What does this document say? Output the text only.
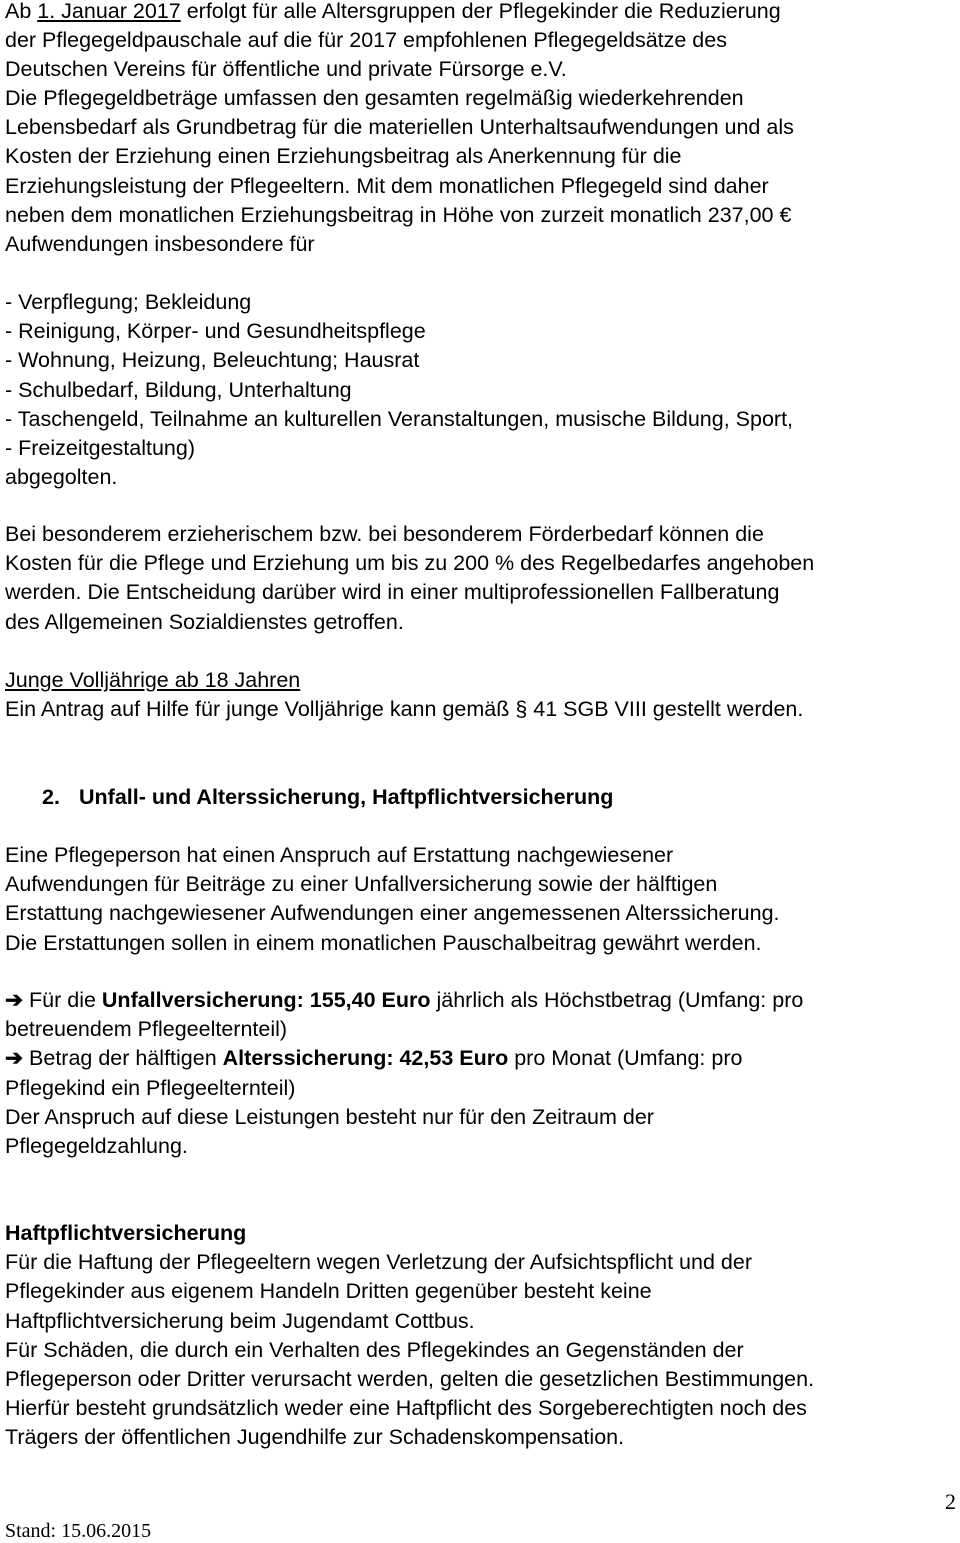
Ab 1. Januar 2017 erfolgt für alle Altersgruppen der Pflegekinder die Reduzierung
der Pflegegeldpauschale auf die für 2017 empfohlenen Pflegegeldsätze des
Deutschen Vereins für öffentliche und private Fürsorge e.V.
Die Pflegegeldbeträge umfassen den gesamten regelmäßig wiederkehrenden
Lebensbedarf als Grundbetrag für die materiellen Unterhaltsaufwendungen und als
Kosten der Erziehung einen Erziehungsbeitrag als Anerkennung für die
Erziehungsleistung der Pflegeeltern. Mit dem monatlichen Pflegegeld sind daher
neben dem monatlichen Erziehungsbeitrag in Höhe von zurzeit monatlich 237,00 €
Aufwendungen insbesondere für
- Verpflegung; Bekleidung
- Reinigung, Körper- und Gesundheitspflege
- Wohnung, Heizung, Beleuchtung; Hausrat
- Schulbedarf, Bildung, Unterhaltung
- Taschengeld, Teilnahme an kulturellen Veranstaltungen, musische Bildung, Sport,
- Freizeitgestaltung)
abgegolten.
Bei besonderem erzieherischem bzw. bei besonderem Förderbedarf können die
Kosten für die Pflege und Erziehung um bis zu 200 % des Regelbedarfes angehoben
werden. Die Entscheidung darüber wird in einer multiprofessionellen Fallberatung
des Allgemeinen Sozialdienstes getroffen.
Junge Volljährige ab 18 Jahren
Ein Antrag auf Hilfe für junge Volljährige kann gemäß § 41 SGB VIII gestellt werden.
2. Unfall- und Alterssicherung, Haftpflichtversicherung
Eine Pflegeperson hat einen Anspruch auf Erstattung nachgewiesener
Aufwendungen für Beiträge zu einer Unfallversicherung sowie der hälftigen
Erstattung nachgewiesener Aufwendungen einer angemessenen Alterssicherung.
Die Erstattungen sollen in einem monatlichen Pauschalbeitrag gewährt werden.
➔ Für die Unfallversicherung: 155,40 Euro jährlich als Höchstbetrag (Umfang: pro
betreuendem Pflegeelternteil)
➔ Betrag der hälftigen Alterssicherung: 42,53 Euro pro Monat (Umfang: pro
Pflegekind ein Pflegeelternteil)
Der Anspruch auf diese Leistungen besteht nur für den Zeitraum der
Pflegegeldzahlung.
Haftpflichtversicherung
Für die Haftung der Pflegeeltern wegen Verletzung der Aufsichtspflicht und der
Pflegekinder aus eigenem Handeln Dritten gegenüber besteht keine
Haftpflichtversicherung beim Jugendamt Cottbus.
Für Schäden, die durch ein Verhalten des Pflegekindes an Gegenständen der
Pflegeperson oder Dritter verursacht werden, gelten die gesetzlichen Bestimmungen.
Hierfür besteht grundsätzlich weder eine Haftpflicht des Sorgeberechtigten noch des
Trägers der öffentlichen Jugendhilfe zur Schadenskompensation.
2
Stand: 15.06.2015
